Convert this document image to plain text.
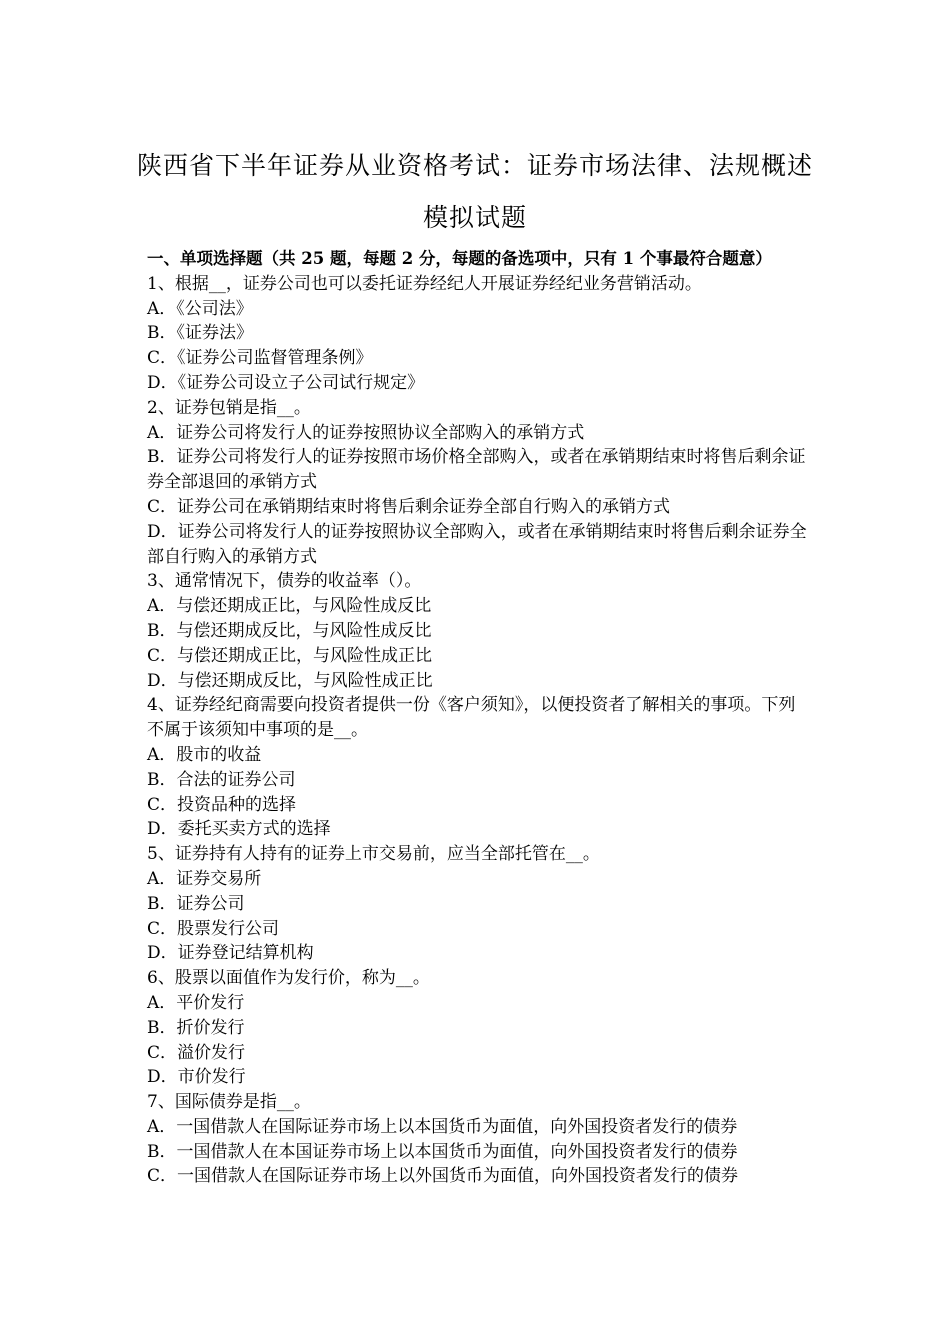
陕西省下半年证券从业资格考试：证券市场法律、法规概述
模拟试题
一、单项选择题（共 25 题，每题 2 分，每题的备选项中，只有 1 个事最符合题意）
1、根据__，证券公司也可以委托证券经纪人开展证券经纪业务营销活动。
A．《公司法》
B．《证券法》
C．《证券公司监督管理条例》
D．《证券公司设立子公司试行规定》
2、证券包销是指__。
A．证券公司将发行人的证券按照协议全部购入的承销方式
B．证券公司将发行人的证券按照市场价格全部购入，或者在承销期结束时将售后剩余证券全部退回的承销方式
C．证券公司在承销期结束时将售后剩余证券全部自行购入的承销方式
D．证券公司将发行人的证券按照协议全部购入，或者在承销期结束时将售后剩余证券全部自行购入的承销方式
3、通常情况下，债券的收益率（）。
A．与偿还期成正比，与风险性成反比
B．与偿还期成反比，与风险性成反比
C．与偿还期成正比，与风险性成正比
D．与偿还期成反比，与风险性成正比
4、证券经纪商需要向投资者提供一份《客户须知》，以便投资者了解相关的事项。下列不属于该须知中事项的是__。
A．股市的收益
B．合法的证券公司
C．投资品种的选择
D．委托买卖方式的选择
5、证券持有人持有的证券上市交易前，应当全部托管在__。
A．证券交易所
B．证券公司
C．股票发行公司
D．证券登记结算机构
6、股票以面值作为发行价，称为__。
A．平价发行
B．折价发行
C．溢价发行
D．市价发行
7、国际债券是指__。
A．一国借款人在国际证券市场上以本国货币为面值，向外国投资者发行的债券
B．一国借款人在本国证券市场上以本国货币为面值，向外国投资者发行的债券
C．一国借款人在国际证券市场上以外国货币为面值，向外国投资者发行的债券
